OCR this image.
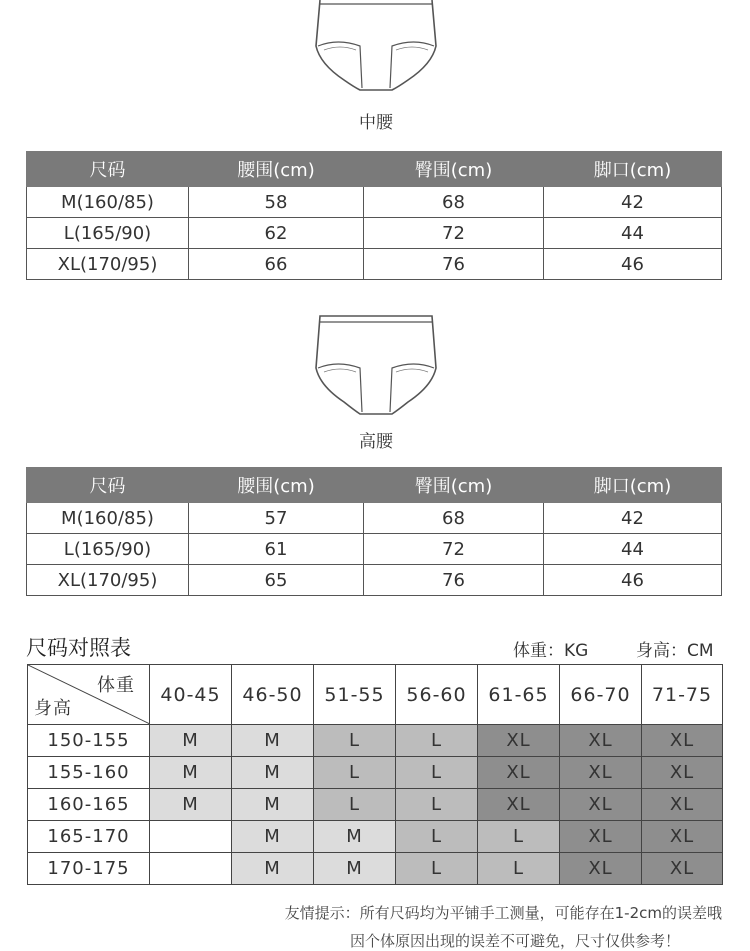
中腰
尺码	腰围(cm)	臀围(cm)	脚口(cm)
M(160/85)	58	68	42
L(165/90)	62	72	44
XL(170/95)	66	76	46
高腰
尺码	腰围(cm)	臀围(cm)	脚口(cm)
M(160/85)	57	68	42
L(165/90)	61	72	44
XL(170/95)	65	76	46
尺码对照表	体重：KG	身高：CM
体重
身高	40-45	46-50	51-55	56-60	61-65	66-70	71-75
150-155	M	M	L	L	XL	XL	XL
155-160	M	M	L	L	XL	XL	XL
160-165	M	M	L	L	XL	XL	XL
165-170		M	M	L	L	XL	XL
170-175		M	M	L	L	XL	XL
友情提示：所有尺码均为平铺手工测量，可能存在1-2cm的误差哦
因个体原因出现的误差不可避免，尺寸仅供参考！
